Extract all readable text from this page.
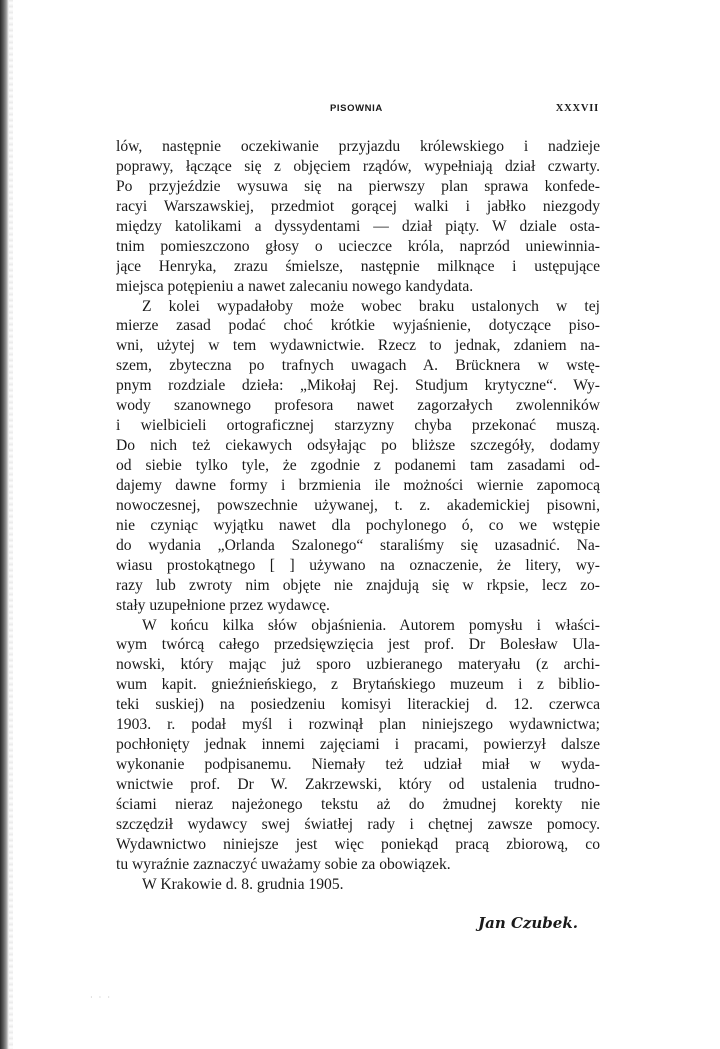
PISOWNIA	XXXVII
lów, następnie oczekiwanie przyjazdu królewskiego i nadzieje
poprawy, łączące się z objęciem rządów, wypełniają dział czwarty.
Po przyjeździe wysuwa się na pierwszy plan sprawa konfede-
racyi Warszawskiej, przedmiot gorącej walki i jabłko niezgody
między katolikami a dyssydentami — dział piąty. W dziale osta-
tnim pomieszczono głosy o ucieczce króla, naprzód uniewinnia-
jące Henryka, zrazu śmielsze, następnie milknące i ustępujące
miejsca potępieniu a nawet zalecaniu nowego kandydata.
Z kolei wypadałoby może wobec braku ustalonych w tej
mierze zasad podać choć krótkie wyjaśnienie, dotyczące piso-
wni, użytej w tem wydawnictwie. Rzecz to jednak, zdaniem na-
szem, zbyteczna po trafnych uwagach A. Brücknera w wstę-
pnym rozdziale dzieła: „Mikołaj Rej. Studjum krytyczne“. Wy-
wody szanownego profesora nawet zagorzałych zwolenników
i wielbicieli ortograficznej starzyzny chyba przekonać muszą.
Do nich też ciekawych odsyłając po bliższe szczegóły, dodamy
od siebie tylko tyle, że zgodnie z podanemi tam zasadami od-
dajemy dawne formy i brzmienia ile możności wiernie zapomocą
nowoczesnej, powszechnie używanej, t. z. akademickiej pisowni,
nie czyniąc wyjątku nawet dla pochylonego ó, co we wstępie
do wydania „Orlanda Szalonego“ staraliśmy się uzasadnić. Na-
wiasu prostokątnego [ ] używano na oznaczenie, że litery, wy-
razy lub zwroty nim objęte nie znajdują się w rkpsie, lecz zo-
stały uzupełnione przez wydawcę.
W końcu kilka słów objaśnienia. Autorem pomysłu i właści-
wym twórcą całego przedsięwzięcia jest prof. Dr Bolesław Ula-
nowski, który mając już sporo uzbieranego materyału (z archi-
wum kapit. gnieźnieńskiego, z Brytańskiego muzeum i z biblio-
teki suskiej) na posiedzeniu komisyi literackiej d. 12. czerwca
1903. r. podał myśl i rozwinął plan niniejszego wydawnictwa;
pochłonięty jednak innemi zajęciami i pracami, powierzył dalsze
wykonanie podpisanemu. Niemały też udział miał w wyda-
wnictwie prof. Dr W. Zakrzewski, który od ustalenia trudno-
ściami nieraz najeżonego tekstu aż do żmudnej korekty nie
szczędził wydawcy swej światłej rady i chętnej zawsze pomocy.
Wydawnictwo niniejsze jest więc poniekąd pracą zbiorową, co
tu wyraźnie zaznaczyć uważamy sobie za obowiązek.
W Krakowie d. 8. grudnia 1905.
Jan Czubek.
· · ·
